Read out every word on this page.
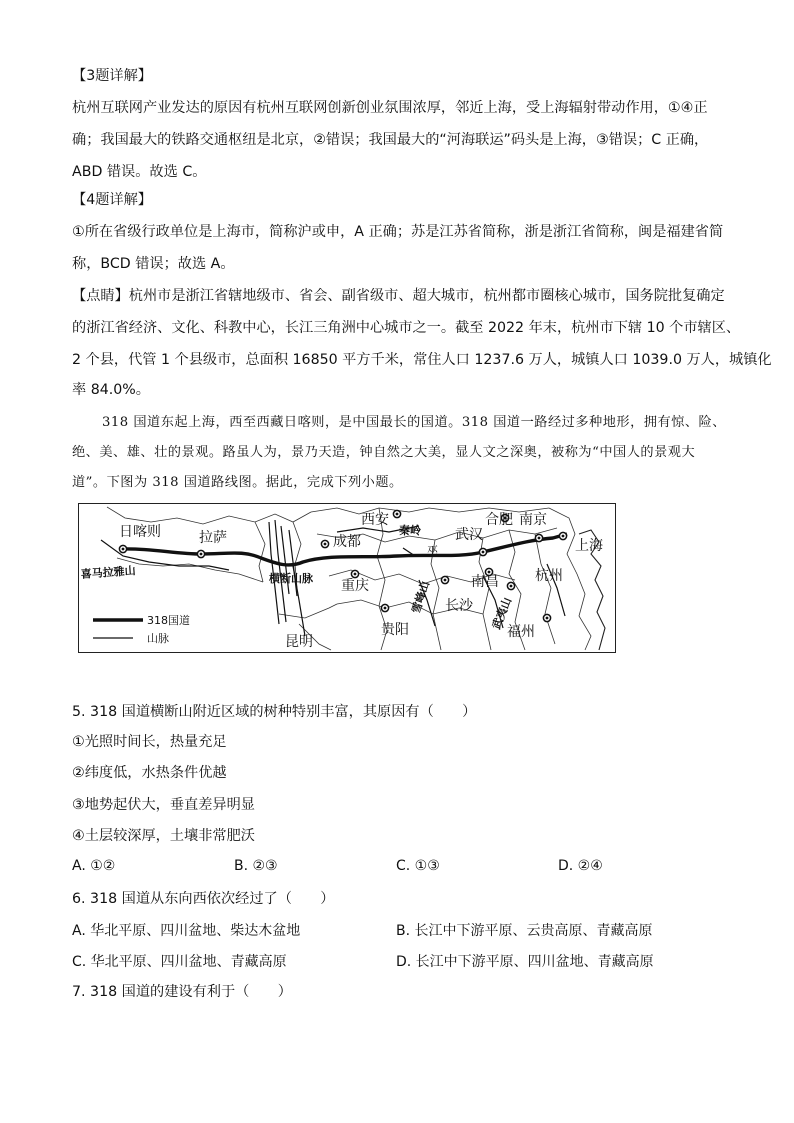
【3题详解】
杭州互联网产业发达的原因有杭州互联网创新创业氛围浓厚，邻近上海，受上海辐射带动作用，①④正
确；我国最大的铁路交通枢纽是北京，②错误；我国最大的“河海联运”码头是上海，③错误；C 正确，
ABD 错误。故选 C。
【4题详解】
①所在省级行政单位是上海市，简称沪或申，A 正确；苏是江苏省简称，浙是浙江省简称，闽是福建省简
称，BCD 错误；故选 A。
【点睛】杭州市是浙江省辖地级市、省会、副省级市、超大城市，杭州都市圈核心城市，国务院批复确定
的浙江省经济、文化、科教中心，长江三角洲中心城市之一。截至 2022 年末，杭州市下辖 10 个市辖区、
2 个县，代管 1 个县级市，总面积 16850 平方千米，常住人口 1237.6 万人，城镇人口 1039.0 万人，城镇化
率 84.0%。
318 国道东起上海，西至西藏日喀则，是中国最长的国道。318 国道一路经过多种地形，拥有惊、险、
绝、美、雄、壮的景观。路虽人为，景乃天造，钟自然之大美，显人文之深奥，被称为“中国人的景观大
道”。下图为 318 国道路线图。据此，完成下列小题。
日喀则	拉萨
西安	合肥 南京
成都	武汉
上海
重庆	南昌	杭州
长沙
贵阳	福州
昆明
喜马拉雅山	横断山脉
秦岭
巫
雪峰山	武夷山
318国道
山脉
5. 318 国道横断山附近区域的树种特别丰富，其原因有（　　）
①光照时间长，热量充足
②纬度低，水热条件优越
③地势起伏大，垂直差异明显
④土层较深厚，土壤非常肥沃
A. ①②	B. ②③	C. ①③	D. ②④
6. 318 国道从东向西依次经过了（　　）
A. 华北平原、四川盆地、柴达木盆地	B. 长江中下游平原、云贵高原、青藏高原
C. 华北平原、四川盆地、青藏高原	D. 长江中下游平原、四川盆地、青藏高原
7. 318 国道的建设有利于（　　）
